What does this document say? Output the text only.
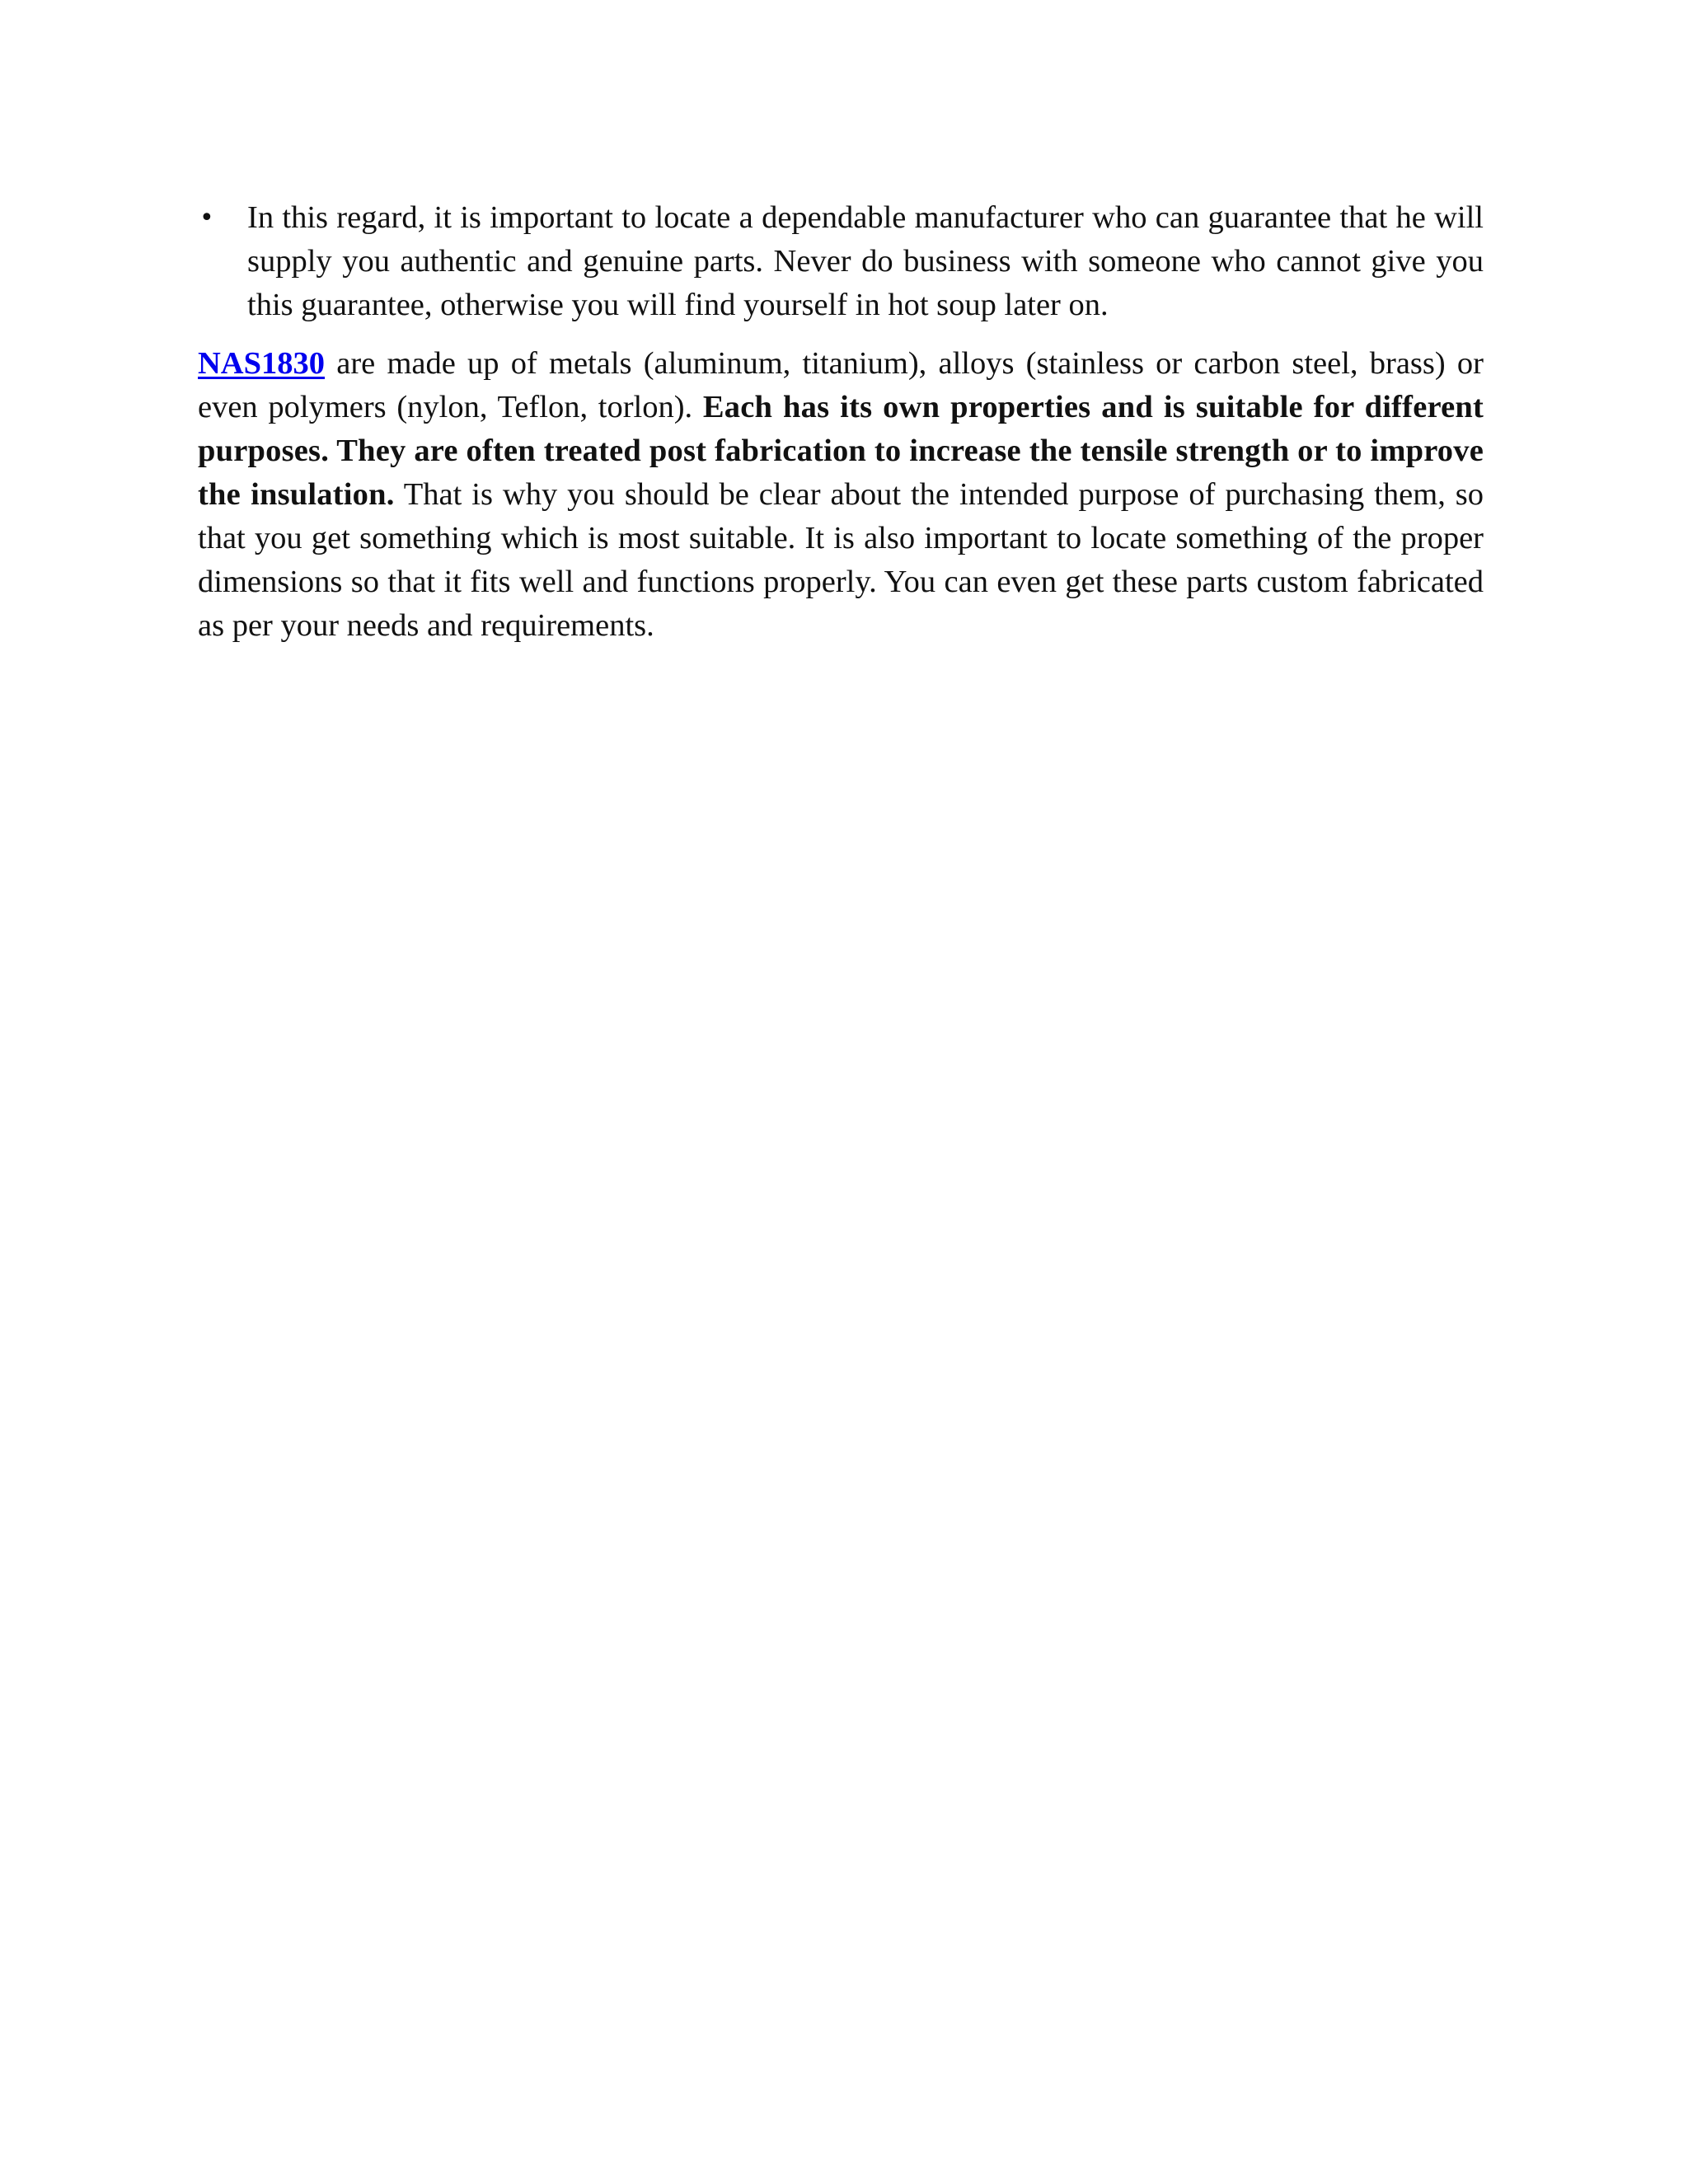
• In this regard, it is important to locate a dependable manufacturer who can guarantee that he will supply you authentic and genuine parts. Never do business with someone who cannot give you this guarantee, otherwise you will find yourself in hot soup later on.

NAS1830 are made up of metals (aluminum, titanium), alloys (stainless or carbon steel, brass) or even polymers (nylon, Teflon, torlon). Each has its own properties and is suitable for different purposes. They are often treated post fabrication to increase the tensile strength or to improve the insulation. That is why you should be clear about the intended purpose of purchasing them, so that you get something which is most suitable. It is also important to locate something of the proper dimensions so that it fits well and functions properly. You can even get these parts custom fabricated as per your needs and requirements.
